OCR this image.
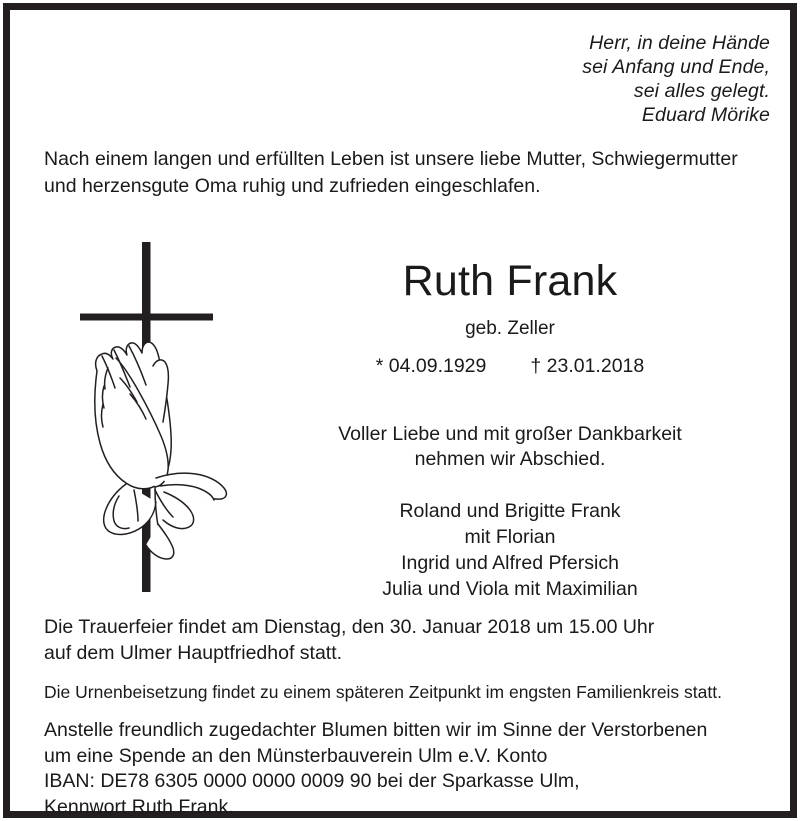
Herr, in deine Hände
sei Anfang und Ende,
sei alles gelegt.
Eduard Mörike
Nach einem langen und erfüllten Leben ist unsere liebe Mutter, Schwiegermutter
und herzensgute Oma ruhig und zufrieden eingeschlafen.
Ruth Frank
geb. Zeller
* 04.09.1929 † 23.01.2018
Voller Liebe und mit großer Dankbarkeit
nehmen wir Abschied.
Roland und Brigitte Frank
mit Florian
Ingrid und Alfred Pfersich
Julia und Viola mit Maximilian
Die Trauerfeier findet am Dienstag, den 30. Januar 2018 um 15.00 Uhr
auf dem Ulmer Hauptfriedhof statt.
Die Urnenbeisetzung findet zu einem späteren Zeitpunkt im engsten Familienkreis statt.
Anstelle freundlich zugedachter Blumen bitten wir im Sinne der Verstorbenen
um eine Spende an den Münsterbauverein Ulm e.V. Konto
IBAN: DE78 6305 0000 0000 0009 90 bei der Sparkasse Ulm,
Kennwort Ruth Frank.
